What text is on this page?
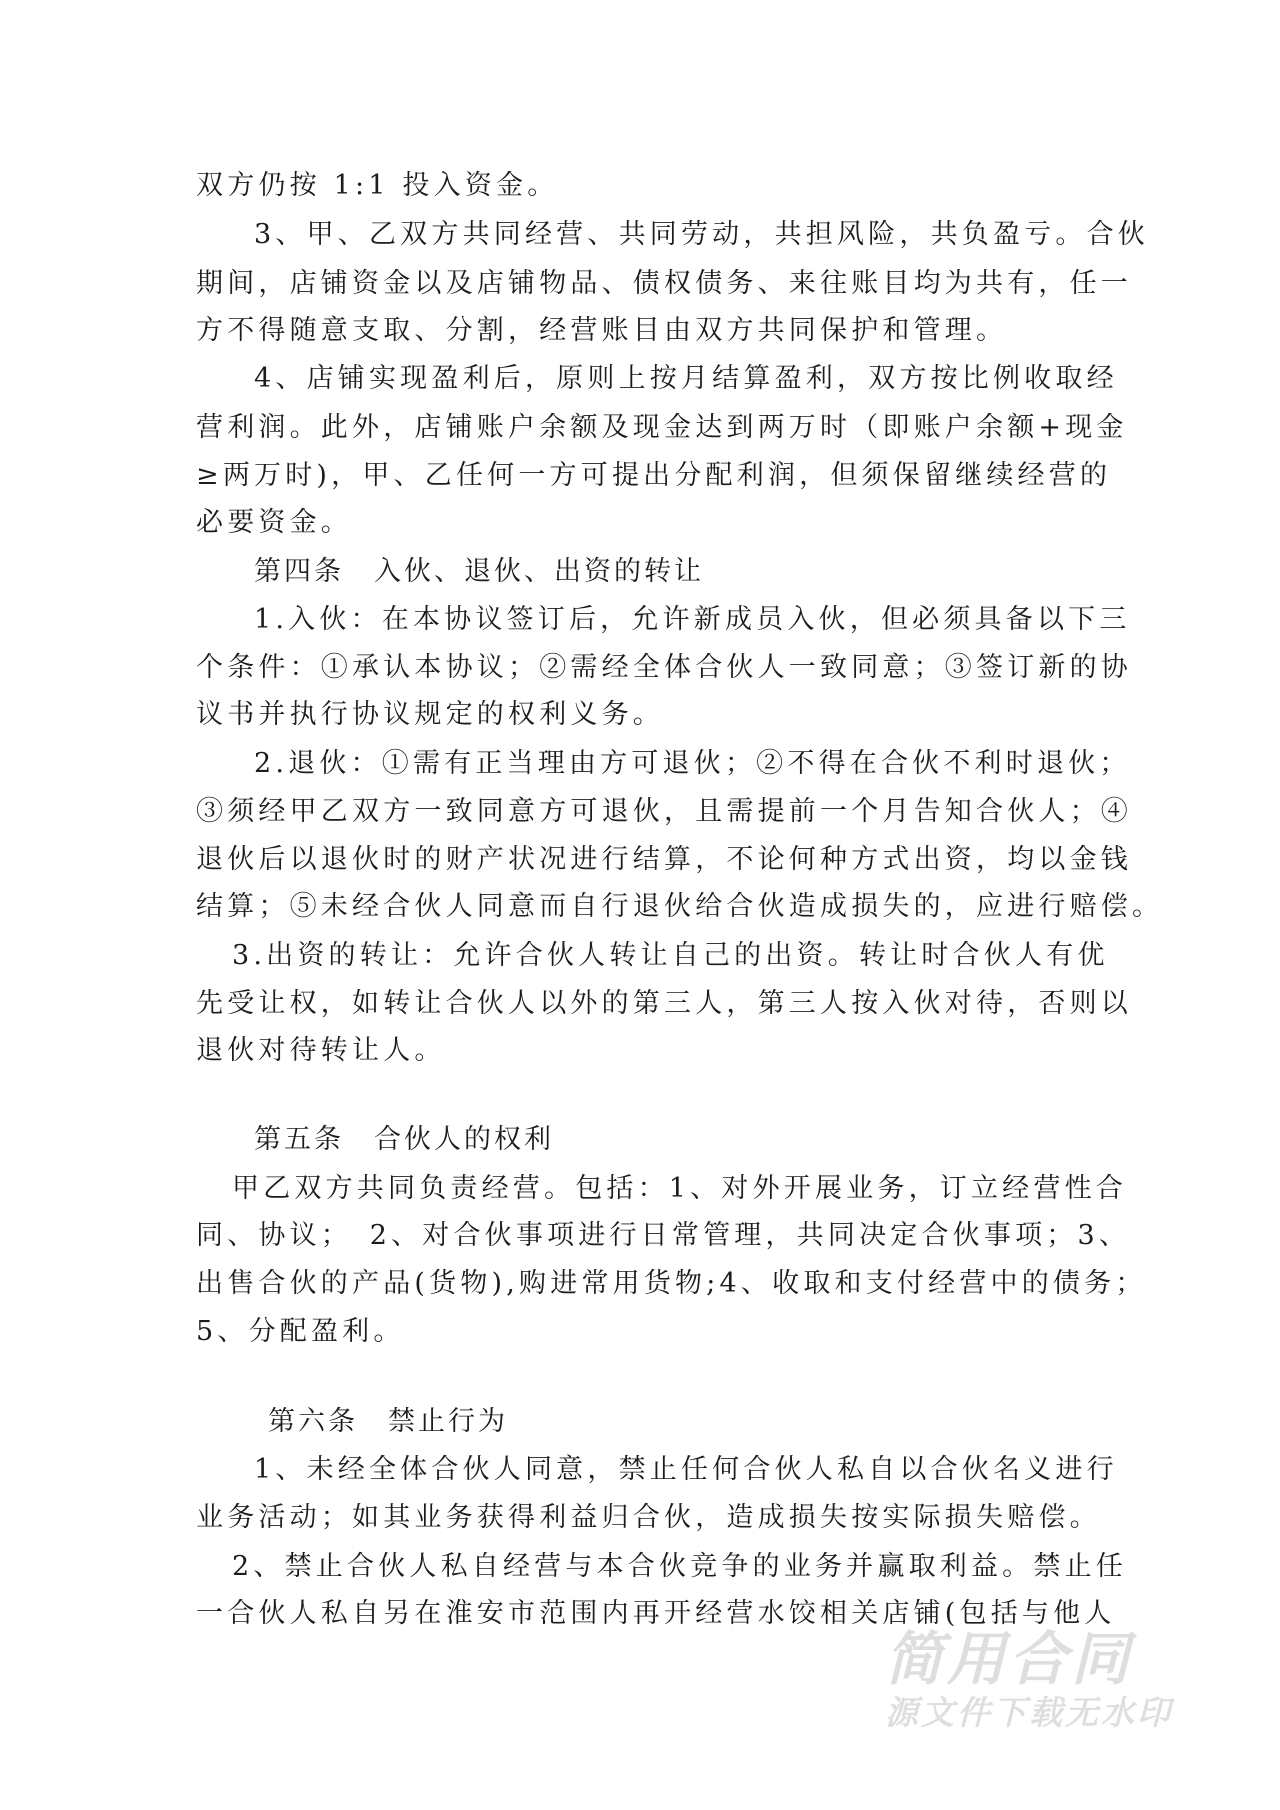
双方仍按 1:1 投入资金。
3、甲、乙双方共同经营、共同劳动，共担风险，共负盈亏。合伙
期间，店铺资金以及店铺物品、债权债务、来往账目均为共有，任一
方不得随意支取、分割，经营账目由双方共同保护和管理。
4、店铺实现盈利后，原则上按月结算盈利，双方按比例收取经
营利润。此外，店铺账户余额及现金达到两万时（即账户余额+现金
≥两万时)，甲、乙任何一方可提出分配利润，但须保留继续经营的
必要资金。
第四条　入伙、退伙、出资的转让
1.入伙：在本协议签订后，允许新成员入伙，但必须具备以下三
个条件：①承认本协议；②需经全体合伙人一致同意；③签订新的协
议书并执行协议规定的权利义务。
2.退伙：①需有正当理由方可退伙；②不得在合伙不利时退伙；
③须经甲乙双方一致同意方可退伙，且需提前一个月告知合伙人；④
退伙后以退伙时的财产状况进行结算，不论何种方式出资，均以金钱
结算；⑤未经合伙人同意而自行退伙给合伙造成损失的，应进行赔偿。
3.出资的转让：允许合伙人转让自己的出资。转让时合伙人有优
先受让权，如转让合伙人以外的第三人，第三人按入伙对待，否则以
退伙对待转让人。
第五条　合伙人的权利
甲乙双方共同负责经营。包括：1、对外开展业务，订立经营性合
同、协议；　2、对合伙事项进行日常管理，共同决定合伙事项；3、
出售合伙的产品(货物),购进常用货物;4、收取和支付经营中的债务；
5、分配盈利。
第六条　禁止行为
1、未经全体合伙人同意，禁止任何合伙人私自以合伙名义进行
业务活动；如其业务获得利益归合伙，造成损失按实际损失赔偿。
2、禁止合伙人私自经营与本合伙竞争的业务并赢取利益。禁止任
一合伙人私自另在淮安市范围内再开经营水饺相关店铺(包括与他人
简用合同
源文件下载无水印
